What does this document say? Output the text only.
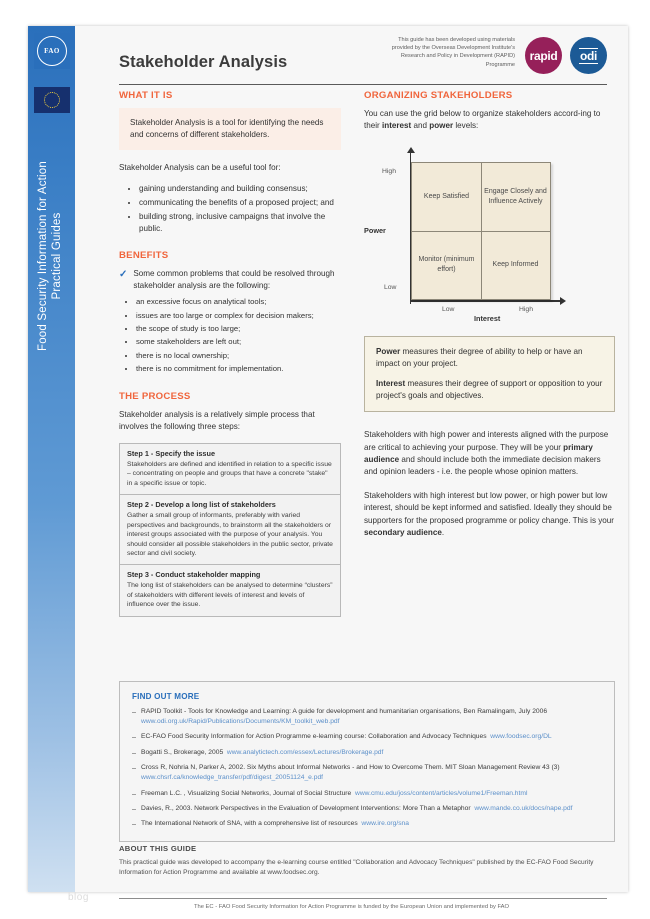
FAO
Food Security Information for Action Practical Guides
Stakeholder Analysis
This guide has been developed using materials provided by the Overseas Development Institute's Research and Policy in Development (RAPID) Programme
rapid odi
WHAT IT IS
Stakeholder Analysis is a tool for identifying the needs and concerns of different stakeholders.

Stakeholder Analysis can be a useful tool for:

• gaining understanding and building consensus;
• communicating the benefits of a proposed project; and
• building strong, inclusive campaigns that involve the public.
BENEFITS
✓ Some common problems that could be resolved through stakeholder analysis are the following:
• an excessive focus on analytical tools;
• issues are too large or complex for decision makers;
• the scope of study is too large;
• some stakeholders are left out;
• there is no local ownership;
• there is no commitment for implementation.
THE PROCESS

Stakeholder analysis is a relatively simple process that involves the following three steps:

Step 1 - Specify the issue
Stakeholders are defined and identified in relation to a specific issue – concentrating on people and groups that have a concrete "stake" in a specific issue or topic.
Step 2 - Develop a long list of stakeholders
Gather a small group of informants, preferably with varied perspectives and backgrounds, to brainstorm all the stakeholders or interest groups associated with the purpose of your analysis. You should consider all possible stakeholders in the public sector, private sector and civil society.
Step 3 - Conduct stakeholder mapping
The long list of stakeholders can be analysed to determine “clusters” of stakeholders with different levels of interest and levels of influence over the issue.
ORGANIZING STAKEHOLDERS

You can use the grid below to organize stakeholders accord-ing to their interest and power levels:

Keep Satisfied
Engage Closely and Influence Actively
Monitor (minimum effort)
Keep Informed
High
Low
Power
Low	High
Interest

Power measures their degree of ability to help or have an impact on your project.

Interest measures their degree of support or opposition to your project's goals and objectives.

Stakeholders with high power and interests aligned with the purpose are critical to achieving your purpose. They will be your primary audience and should include both the immediate decision makers and opinion leaders - i.e. the people whose opinion matters.

Stakeholders with high interest but low power, or high power but low interest, should be kept informed and satisfied. Ideally they should be supporters for the proposed programme or policy change. This is your secondary audience.

FIND OUT MORE
– RAPID Toolkit - Tools for Knowledge and Learning: A guide for development and humanitarian organisations, Ben Ramalingam, July 2006
www.odi.org.uk/Rapid/Publications/Documents/KM_toolkit_web.pdf
– EC-FAO Food Security Information for Action Programme e-learning course: Collaboration and Advocacy Techniques www.foodsec.org/DL
– Bogatti S., Brokerage, 2005 www.analytictech.com/essex/Lectures/Brokerage.pdf
– Cross R, Nohria N, Parker A, 2002. Six Myths about Informal Networks - and How to Overcome Them. MIT Sloan Management Review 43 (3)
www.chsrf.ca/knowledge_transfer/pdf/digest_20051124_e.pdf
– Freeman L.C. , Visualizing Social Networks, Journal of Social Structure www.cmu.edu/joss/content/articles/volume1/Freeman.html
– Davies, R., 2003. Network Perspectives in the Evaluation of Development Interventions: More Than a Metaphor www.mande.co.uk/docs/nape.pdf
– The International Network of SNA, with a comprehensive list of resources www.ire.org/sna
ABOUT THIS GUIDE
This practical guide was developed to accompany the e-learning course entitled "Collaboration and Advocacy Techniques" published by the EC-FAO Food Security Information for Action Programme and available at www.foodsec.org.
The EC - FAO Food Security Information for Action Programme is funded by the European Union and implemented by FAO
blog
